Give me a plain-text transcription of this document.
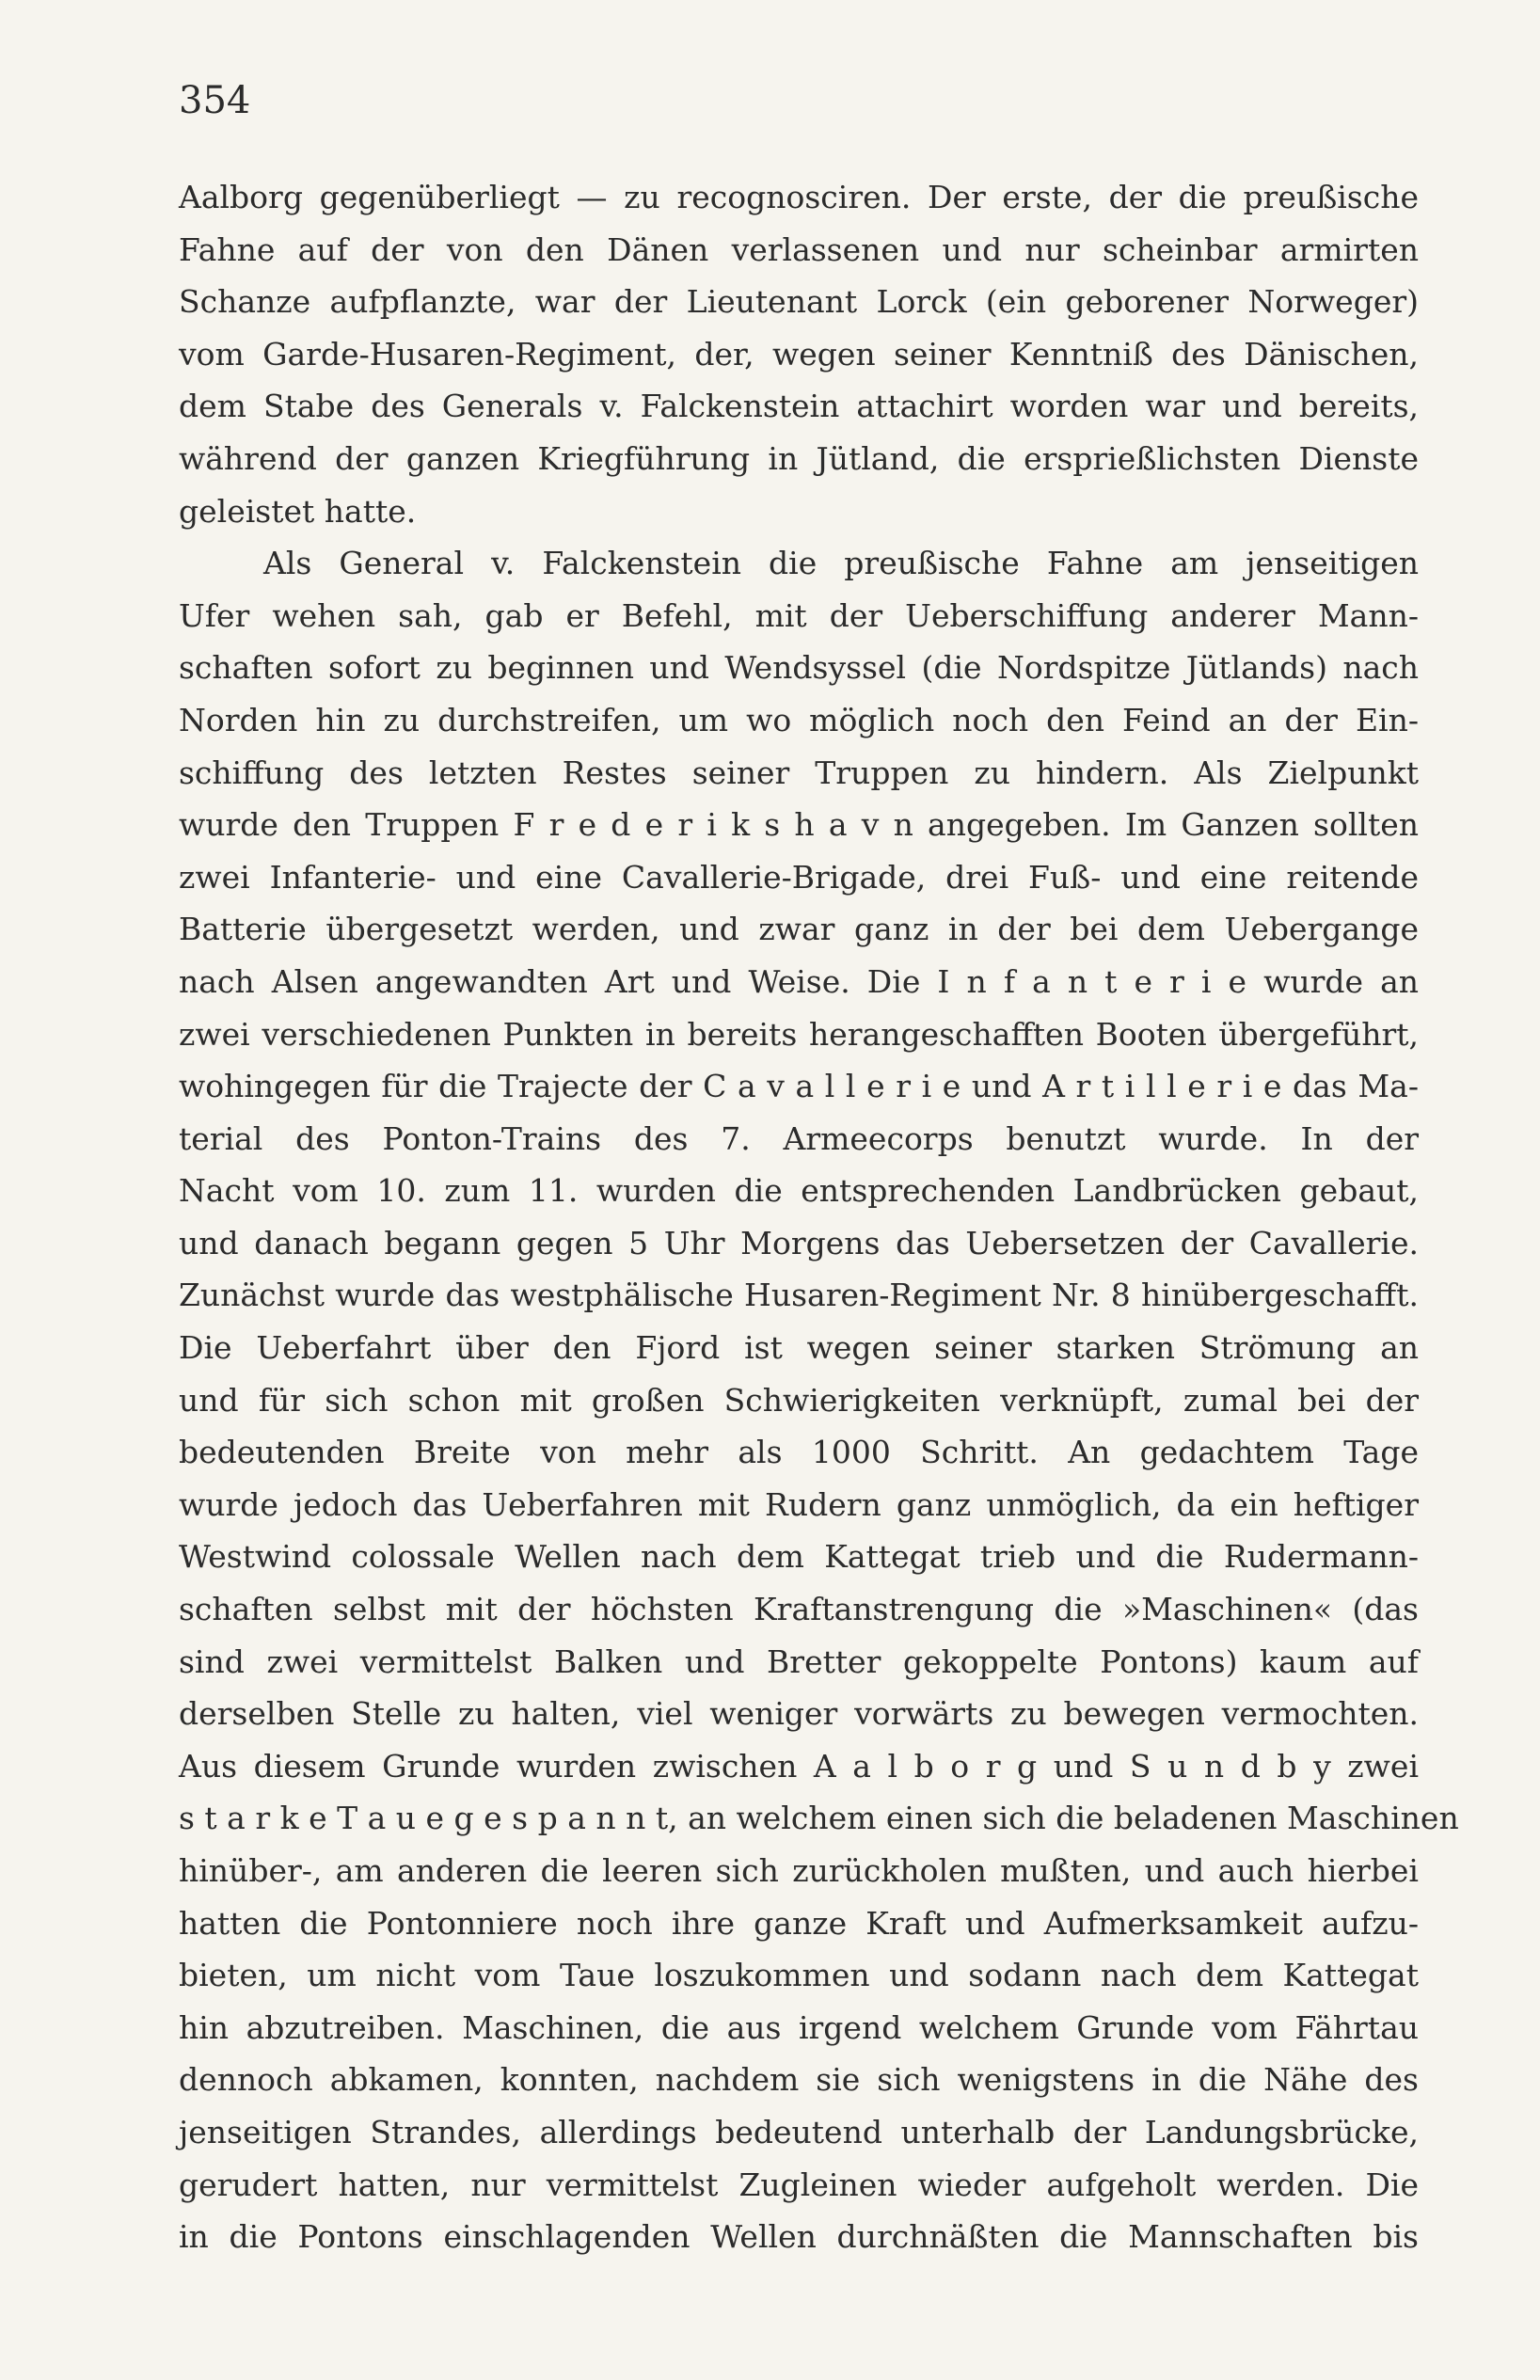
354
Aalborg gegenüberliegt — zu recognosciren. Der erste, der die preußische
Fahne auf der von den Dänen verlassenen und nur scheinbar armirten
Schanze aufpflanzte, war der Lieutenant Lorck (ein geborener Norweger)
vom Garde-Husaren-Regiment, der, wegen seiner Kenntniß des Dänischen,
dem Stabe des Generals v. Falckenstein attachirt worden war und bereits,
während der ganzen Kriegführung in Jütland, die ersprießlichsten Dienste
geleistet hatte.
Als General v. Falckenstein die preußische Fahne am jenseitigen
Ufer wehen sah, gab er Befehl, mit der Ueberschiffung anderer Mann-
schaften sofort zu beginnen und Wendsyssel (die Nordspitze Jütlands) nach
Norden hin zu durchstreifen, um wo möglich noch den Feind an der Ein-
schiffung des letzten Restes seiner Truppen zu hindern. Als Zielpunkt
wurde den Truppen F r e d e r i k s h a v n angegeben. Im Ganzen sollten
zwei Infanterie- und eine Cavallerie-Brigade, drei Fuß- und eine reitende
Batterie übergesetzt werden, und zwar ganz in der bei dem Uebergange
nach Alsen angewandten Art und Weise. Die I n f a n t e r i e wurde an
zwei verschiedenen Punkten in bereits herangeschafften Booten übergeführt,
wohingegen für die Trajecte der C a v a l l e r i e und A r t i l l e r i e das Ma-
terial des Ponton-Trains des 7. Armeecorps benutzt wurde. In der
Nacht vom 10. zum 11. wurden die entsprechenden Landbrücken gebaut,
und danach begann gegen 5 Uhr Morgens das Uebersetzen der Cavallerie.
Zunächst wurde das westphälische Husaren-Regiment Nr. 8 hinübergeschafft.
Die Ueberfahrt über den Fjord ist wegen seiner starken Strömung an
und für sich schon mit großen Schwierigkeiten verknüpft, zumal bei der
bedeutenden Breite von mehr als 1000 Schritt. An gedachtem Tage
wurde jedoch das Ueberfahren mit Rudern ganz unmöglich, da ein heftiger
Westwind colossale Wellen nach dem Kattegat trieb und die Rudermann-
schaften selbst mit der höchsten Kraftanstrengung die »Maschinen« (das
sind zwei vermittelst Balken und Bretter gekoppelte Pontons) kaum auf
derselben Stelle zu halten, viel weniger vorwärts zu bewegen vermochten.
Aus diesem Grunde wurden zwischen A a l b o r g und S u n d b y zwei
s t a r k e T a u e g e s p a n n t, an welchem einen sich die beladenen Maschinen
hinüber-, am anderen die leeren sich zurückholen mußten, und auch hierbei
hatten die Pontonniere noch ihre ganze Kraft und Aufmerksamkeit aufzu-
bieten, um nicht vom Taue loszukommen und sodann nach dem Kattegat
hin abzutreiben. Maschinen, die aus irgend welchem Grunde vom Fährtau
dennoch abkamen, konnten, nachdem sie sich wenigstens in die Nähe des
jenseitigen Strandes, allerdings bedeutend unterhalb der Landungsbrücke,
gerudert hatten, nur vermittelst Zugleinen wieder aufgeholt werden. Die
in die Pontons einschlagenden Wellen durchnäßten die Mannschaften bis
